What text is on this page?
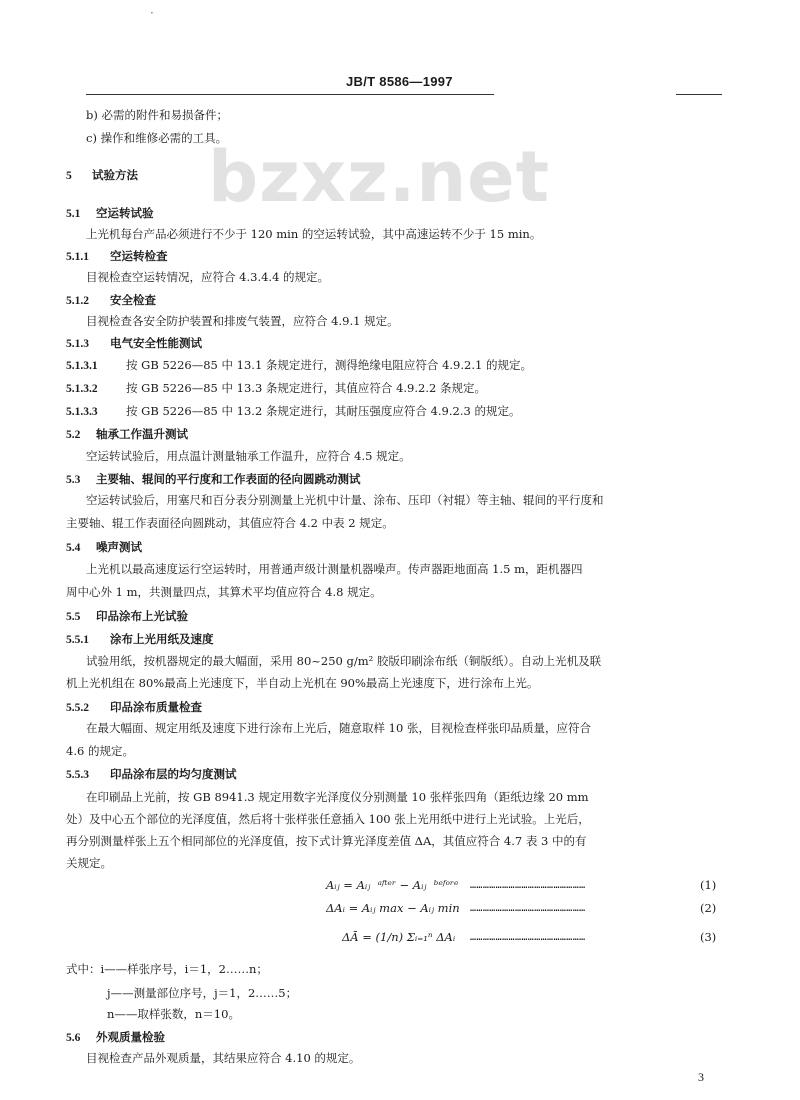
·
JB/T 8586—1997
bzxz.net
b) 必需的附件和易损备件；
c) 操作和维修必需的工具。
5 试验方法
5.1 空运转试验
上光机每台产品必须进行不少于 120 min 的空运转试验，其中高速运转不少于 15 min。
5.1.1 空运转检查
目视检查空运转情况，应符合 4.3.4.4 的规定。
5.1.2 安全检查
目视检查各安全防护装置和排废气装置，应符合 4.9.1 规定。
5.1.3 电气安全性能测试
5.1.3.1 按 GB 5226—85 中 13.1 条规定进行，测得绝缘电阻应符合 4.9.2.1 的规定。
5.1.3.2 按 GB 5226—85 中 13.3 条规定进行，其值应符合 4.9.2.2 条规定。
5.1.3.3 按 GB 5226—85 中 13.2 条规定进行，其耐压强度应符合 4.9.2.3 的规定。
5.2 轴承工作温升测试
空运转试验后，用点温计测量轴承工作温升，应符合 4.5 规定。
5.3 主要轴、辊间的平行度和工作表面的径向圆跳动测试
空运转试验后，用塞尺和百分表分别测量上光机中计量、涂布、压印（衬辊）等主轴、辊间的平行度和
主要轴、辊工作表面径向圆跳动，其值应符合 4.2 中表 2 规定。
5.4 噪声测试
上光机以最高速度运行空运转时，用普通声级计测量机器噪声。传声器距地面高 1.5 m，距机器四
周中心外 1 m，共测量四点，其算术平均值应符合 4.8 规定。
5.5 印品涂布上光试验
5.5.1 涂布上光用纸及速度
试验用纸，按机器规定的最大幅面，采用 80~250 g/m² 胶版印刷涂布纸（铜版纸）。自动上光机及联
机上光机组在 80%最高上光速度下，半自动上光机在 90%最高上光速度下，进行涂布上光。
5.5.2 印品涂布质量检查
在最大幅面、规定用纸及速度下进行涂布上光后，随意取样 10 张，目视检查样张印品质量，应符合
4.6 的规定。
5.5.3 印品涂布层的均匀度测试
在印刷品上光前，按 GB 8941.3 规定用数字光泽度仪分别测量 10 张样张四角（距纸边缘 20 mm
处）及中心五个部位的光泽度值，然后将十张样张任意插入 100 张上光用纸中进行上光试验。上光后，
再分别测量样张上五个相同部位的光泽度值，按下式计算光泽度差值 ΔA，其值应符合 4.7 表 3 中的有
关规定。
Aᵢⱼ = Aᵢⱼ  ᵃᶠᵗᵉʳ − Aᵢⱼ  ᵇᵉᶠᵒʳᵉ ………………………………………………	(1)
ΔAᵢ = Aᵢⱼ max − Aᵢⱼ min ………………………………………………	(2)
ΔĀ = (1/n) Σᵢ₌₁ⁿ ΔAᵢ ………………………………………………	(3)
式中：i——样张序号，i＝1，2……n；
j——测量部位序号，j＝1，2……5；
n——取样张数，n＝10。
5.6 外观质量检验
目视检查产品外观质量，其结果应符合 4.10 的规定。
3
